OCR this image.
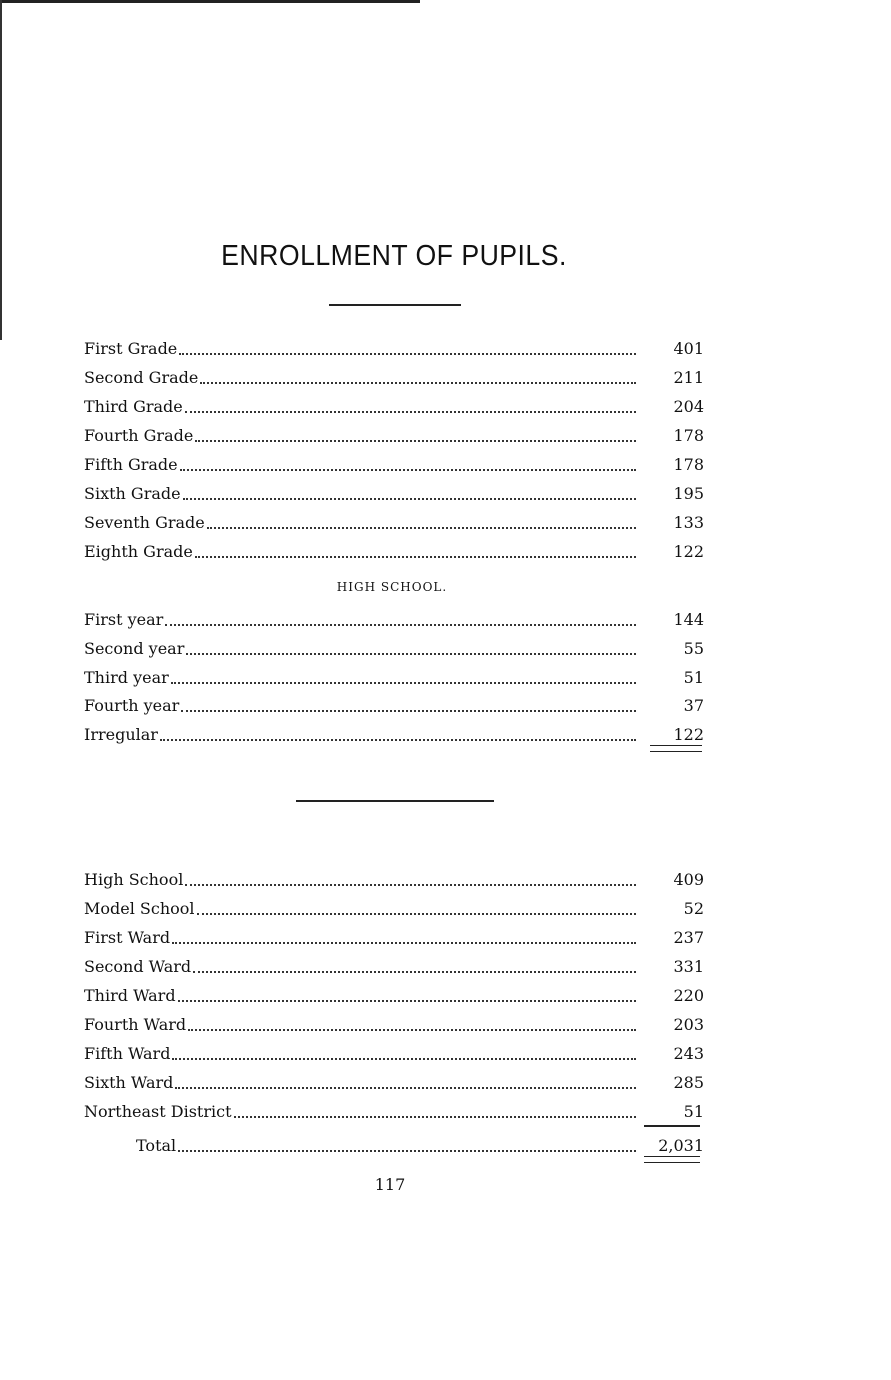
ENROLLMENT OF PUPILS.
First Grade	401
Second Grade	211
Third Grade	204
Fourth Grade	178
Fifth Grade	178
Sixth Grade	195
Seventh Grade	133
Eighth Grade	122
HIGH SCHOOL.
First year	144
Second year	55
Third year	51
Fourth year	37
Irregular	122
High School	409
Model School	52
First Ward	237
Second Ward	331
Third Ward	220
Fourth Ward	203
Fifth Ward	243
Sixth Ward	285
Northeast District	51
Total	2,031
117
